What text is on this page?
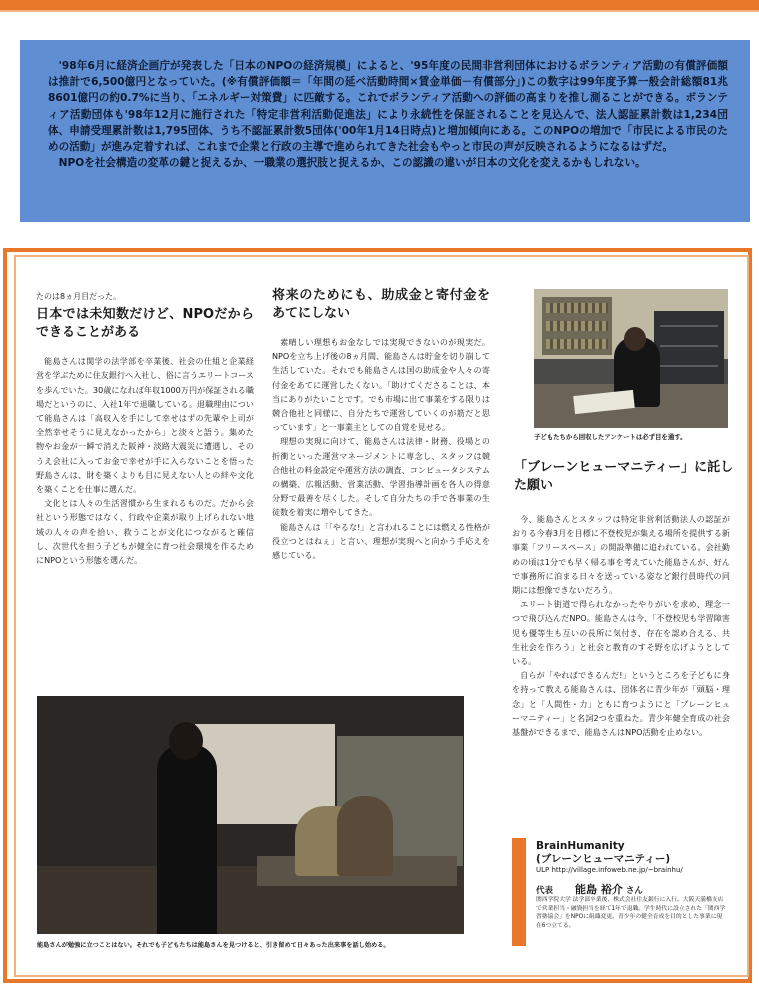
'98年6月に経済企画庁が発表した「日本のNPOの経済規模」によると、'95年度の民間非営利団体におけるボランティア活動の有償評価額は推計で6,500億円となっていた。(※有償評価額＝「年間の延べ活動時間×賃金単価－有償部分」)この数字は99年度予算一般会計総額81兆8601億円の約0.7%に当り、「エネルギー対策費」に匹敵する。これでボランティア活動への評価の高まりを推し測ることができる。ボランティア活動団体も'98年12月に施行された「特定非営利活動促進法」により永続性を保証されることを見込んで、法人認証累計数は1,234団体、申請受理累計数は1,795団体、うち不認証累計数5団体('00年1月14日時点)と増加傾向にある。このNPOの増加で「市民による市民のための活動」が進み定着すれば、これまで企業と行政の主導で進められてきた社会もやっと市民の声が反映されるようになるはずだ。

NPOを社会構造の変革の鍵と捉えるか、一職業の選択肢と捉えるか、この認識の違いが日本の文化を変えるかもしれない。

たのは8ヵ月目だった。
日本では未知数だけど、NPOだからできることがある

能島さんは関学の法学部を卒業後、社会の仕組と企業経営を学ぶために住友銀行へ入社し、俗に言うエリートコースを歩んでいた。30歳になれば年収1000万円が保証される職場だというのに、入社1年で退職している。退職理由について能島さんは「高収入を手にして幸せはずの先輩や上司が全然幸せそうに見えなかったから」と淡々と語う。集めた物やお金が一瞬で消えた阪神・淡路大震災に遭遇し、そのうえ会社に入ってお金で幸せが手に入らないことを悟った野島さんは、財を築くよりも目に見えない人との絆や文化を築くことを仕事に選んだ。

文化とは人々の生活習慣から生まれるものだ。だから会社という形態ではなく、行政や企業が取り上げられない地域の人々の声を拾い、救うことが文化につながると確信し、次世代を担う子どもが健全に育つ社会環境を作るためにNPOという形態を選んだ。

将来のためにも、助成金と寄付金をあてにしない

素晴しい理想もお金なしでは実現できないのが現実だ。NPOを立ち上げ後の8ヵ月間、能島さんは貯金を切り崩して生活していた。それでも能島さんは国の助成金や人々の寄付金をあてに運営したくない。「助けてくださることは、本当にありがたいことです。でも市場に出て事業をする限りは競合他社と同様に、自分たちで運営していくのが筋だと思っています」と一事業主としての自覚を見せる。

理想の実現に向けて、能島さんは法律・財務、役場との折衝といった運営マネージメントに専念し、スタッフは競合他社の料金設定や運営方法の調査、コンピュータシステムの構築、広報活動、営業活動、学習指導計画を各人の得意分野で最善を尽くした。そして自分たちの手で各事業の生徒数を着実に増やしてきた。

能島さんは「「やるな!」と言われることには燃える性格が役立つとはねぇ」と言い、理想が実現へと向かう手応えを感じている。

子どもたちから回収したアンケートは必ず目を通す。
「ブレーンヒューマニティー」に託した願い

今、能島さんとスタッフは特定非営利活動法人の認証がおりる今春3月を目標に不登校児が集える場所を提供する新事業「フリースペース」の開設準備に追われている。会社勤めの頃は1分でも早く帰る事を考えていた能島さんが、好んで事務所に泊まる日々を送っている姿など銀行員時代の同期には想像できないだろう。

エリート街道で得られなかったやりがいを求め、理念一つで飛び込んだNPO。能島さんは今、「不登校児も学習障害児も優等生も互いの長所に気付き、存在を認め合える、共生社会を作ろう」と社会と教育のすそ野を広げようとしている。

自らが「やればできるんだ!」というところを子どもに身を持って教える能島さんは、団体名に青少年が「頭脳・理念」と「人間性・力」ともに育つようにと「ブレーンヒューマニティー」と名詞2つを重ねた。青少年健全育成の社会基盤ができるまで、能島さんはNPO活動を止めない。

能島さんが勉強に立つことはない。それでも子どもたちは能島さんを見つけると、引き留めて日々あった出来事を話し始める。
BrainHumanity
(ブレーンヒューマニティー)
ULP http://village.infoweb.ne.jp/~brainhu/
代表 能島 裕介 さん
関西学院大学 法学部卒業後、株式会社住友銀行に入行。大阪天満橋支店で営業担当・融資担当を経て1年で退職。学生時代に設立された「関西学習塾協会」をNPOに組織変更。青少年の健全育成を目的とした事業に現在6つ立てる。
